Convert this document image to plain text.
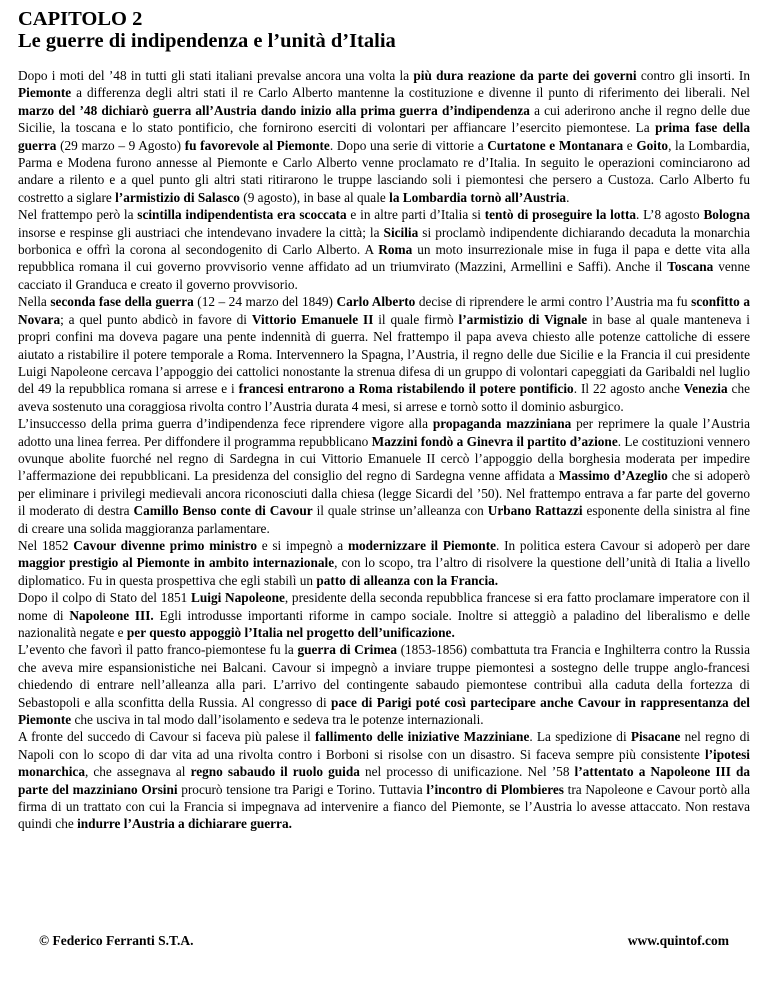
CAPITOLO 2
Le guerre di indipendenza e l’unità d’Italia

Dopo i moti del ’48 in tutti gli stati italiani prevalse ancora una volta la più dura reazione da parte dei governi contro gli insorti. In Piemonte a differenza degli altri stati il re Carlo Alberto mantenne la costituzione e divenne il punto di riferimento dei liberali. Nel marzo del ’48 dichiarò guerra all’Austria dando inizio alla prima guerra d’indipendenza a cui aderirono anche il regno delle due Sicilie, la toscana e lo stato pontificio, che fornirono eserciti di volontari per affiancare l’esercito piemontese. La prima fase della guerra (29 marzo – 9 Agosto) fu favorevole al Piemonte. Dopo una serie di vittorie a Curtatone e Montanara e Goito, la Lombardia, Parma e Modena furono annesse al Piemonte e Carlo Alberto venne proclamato re d’Italia. In seguito le operazioni cominciarono ad andare a rilento e a quel punto gli altri stati ritirarono le truppe lasciando soli i piemontesi che persero a Custoza. Carlo Alberto fu costretto a siglare l’armistizio di Salasco (9 agosto), in base al quale la Lombardia tornò all’Austria.

Nel frattempo però la scintilla indipendentista era scoccata e in altre parti d’Italia si tentò di proseguire la lotta. L’8 agosto Bologna insorse e respinse gli austriaci che intendevano invadere la città; la Sicilia si proclamò indipendente dichiarando decaduta la monarchia borbonica e offrì la corona al secondogenito di Carlo Alberto. A Roma un moto insurrezionale mise in fuga il papa e dette vita alla repubblica romana il cui governo provvisorio venne affidato ad un triumvirato (Mazzini, Armellini e Saffi). Anche il Toscana venne cacciato il Granduca e creato il governo provvisorio.

Nella seconda fase della guerra (12 – 24 marzo del 1849) Carlo Alberto decise di riprendere le armi contro l’Austria ma fu sconfitto a Novara; a quel punto abdicò in favore di Vittorio Emanuele II il quale firmò l’armistizio di Vignale in base al quale manteneva i propri confini ma doveva pagare una pente indennità di guerra. Nel frattempo il papa aveva chiesto alle potenze cattoliche di essere aiutato a ristabilire il potere temporale a Roma. Intervennero la Spagna, l’Austria, il regno delle due Sicilie e la Francia il cui presidente Luigi Napoleone cercava l’appoggio dei cattolici nonostante la strenua difesa di un gruppo di volontari capeggiati da Garibaldi nel luglio del 49 la repubblica romana si arrese e i francesi entrarono a Roma ristabilendo il potere pontificio. Il 22 agosto anche Venezia che aveva sostenuto una coraggiosa rivolta contro l’Austria durata 4 mesi, si arrese e tornò sotto il dominio asburgico.

L’insuccesso della prima guerra d’indipendenza fece riprendere vigore alla propaganda mazziniana per reprimere la quale l’Austria adotto una linea ferrea. Per diffondere il programma repubblicano Mazzini fondò a Ginevra il partito d’azione. Le costituzioni vennero ovunque abolite fuorché nel regno di Sardegna in cui Vittorio Emanuele II cercò l’appoggio della borghesia moderata per impedire l’affermazione dei repubblicani. La presidenza del consiglio del regno di Sardegna venne affidata a Massimo d’Azeglio che si adoperò per eliminare i privilegi medievali ancora riconosciuti dalla chiesa (legge Sicardi del ’50). Nel frattempo entrava a far parte del governo il moderato di destra Camillo Benso conte di Cavour il quale strinse un’alleanza con Urbano Rattazzi esponente della sinistra al fine di creare una solida maggioranza parlamentare.

Nel 1852 Cavour divenne primo ministro e si impegnò a modernizzare il Piemonte. In politica estera Cavour si adoperò per dare maggior prestigio al Piemonte in ambito internazionale, con lo scopo, tra l’altro di risolvere la questione dell’unità di Italia a livello diplomatico. Fu in questa prospettiva che egli stabilì un patto di alleanza con la Francia.

Dopo il colpo di Stato del 1851 Luigi Napoleone, presidente della seconda repubblica francese si era fatto proclamare imperatore con il nome di Napoleone III. Egli introdusse importanti riforme in campo sociale. Inoltre si atteggiò a paladino del liberalismo e delle nazionalità negate e per questo appoggiò l’Italia nel progetto dell’unificazione.

L’evento che favorì il patto franco-piemontese fu la guerra di Crimea (1853-1856) combattuta tra Francia e Inghilterra contro la Russia che aveva mire espansionistiche nei Balcani. Cavour si impegnò a inviare truppe piemontesi a sostegno delle truppe anglo-francesi chiedendo di entrare nell’alleanza alla pari. L’arrivo del contingente sabaudo piemontese contribuì alla caduta della fortezza di Sebastopoli e alla sconfitta della Russia. Al congresso di pace di Parigi poté così partecipare anche Cavour in rappresentanza del Piemonte che usciva in tal modo dall’isolamento e sedeva tra le potenze internazionali.

A fronte del succedo di Cavour si faceva più palese il fallimento delle iniziative Mazziniane. La spedizione di Pisacane nel regno di Napoli con lo scopo di dar vita ad una rivolta contro i Borboni si risolse con un disastro. Si faceva sempre più consistente l’ipotesi monarchica, che assegnava al regno sabaudo il ruolo guida nel processo di unificazione. Nel ’58 l’attentato a Napoleone III da parte del mazziniano Orsini procurò tensione tra Parigi e Torino. Tuttavia l’incontro di Plombieres tra Napoleone e Cavour portò alla firma di un trattato con cui la Francia si impegnava ad intervenire a fianco del Piemonte, se l’Austria lo avesse attaccato. Non restava quindi che indurre l’Austria a dichiarare guerra.

© Federico Ferranti S.T.A.	www.quintof.com
